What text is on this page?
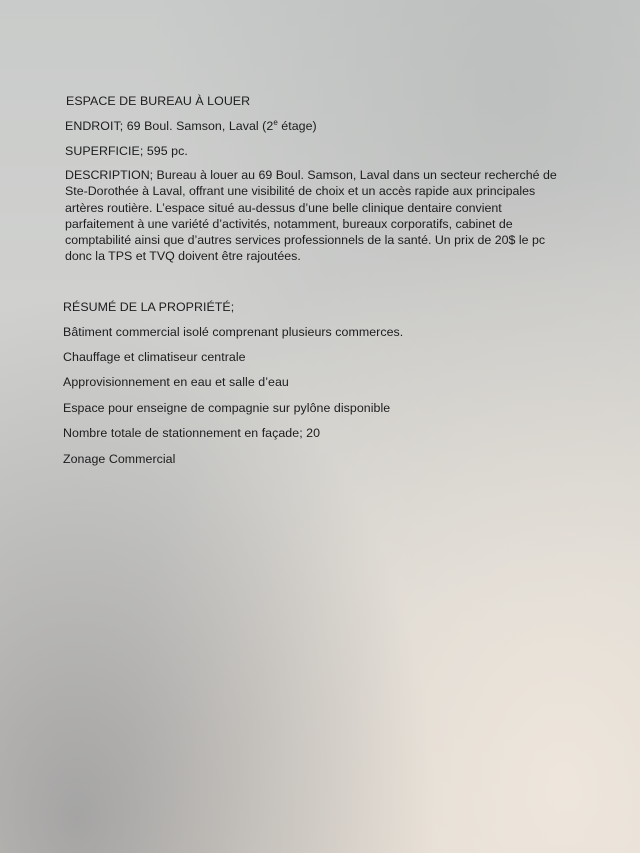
ESPACE DE BUREAU À LOUER

ENDROIT; 69 Boul. Samson, Laval (2e étage)

SUPERFICIE; 595 pc.

DESCRIPTION; Bureau à louer au 69 Boul. Samson, Laval dans un secteur recherché de
Ste-Dorothée à Laval, offrant une visibilité de choix et un accès rapide aux principales
artères routière. L’espace situé au-dessus d’une belle clinique dentaire convient
parfaitement à une variété d’activités, notamment, bureaux corporatifs, cabinet de
comptabilité ainsi que d’autres services professionnels de la santé. Un prix de 20$ le pc
donc la TPS et TVQ doivent être rajoutées.

RÉSUMÉ DE LA PROPRIÉTÉ;

Bâtiment commercial isolé comprenant plusieurs commerces.

Chauffage et climatiseur centrale

Approvisionnement en eau et salle d’eau

Espace pour enseigne de compagnie sur pylône disponible

Nombre totale de stationnement en façade; 20

Zonage Commercial
